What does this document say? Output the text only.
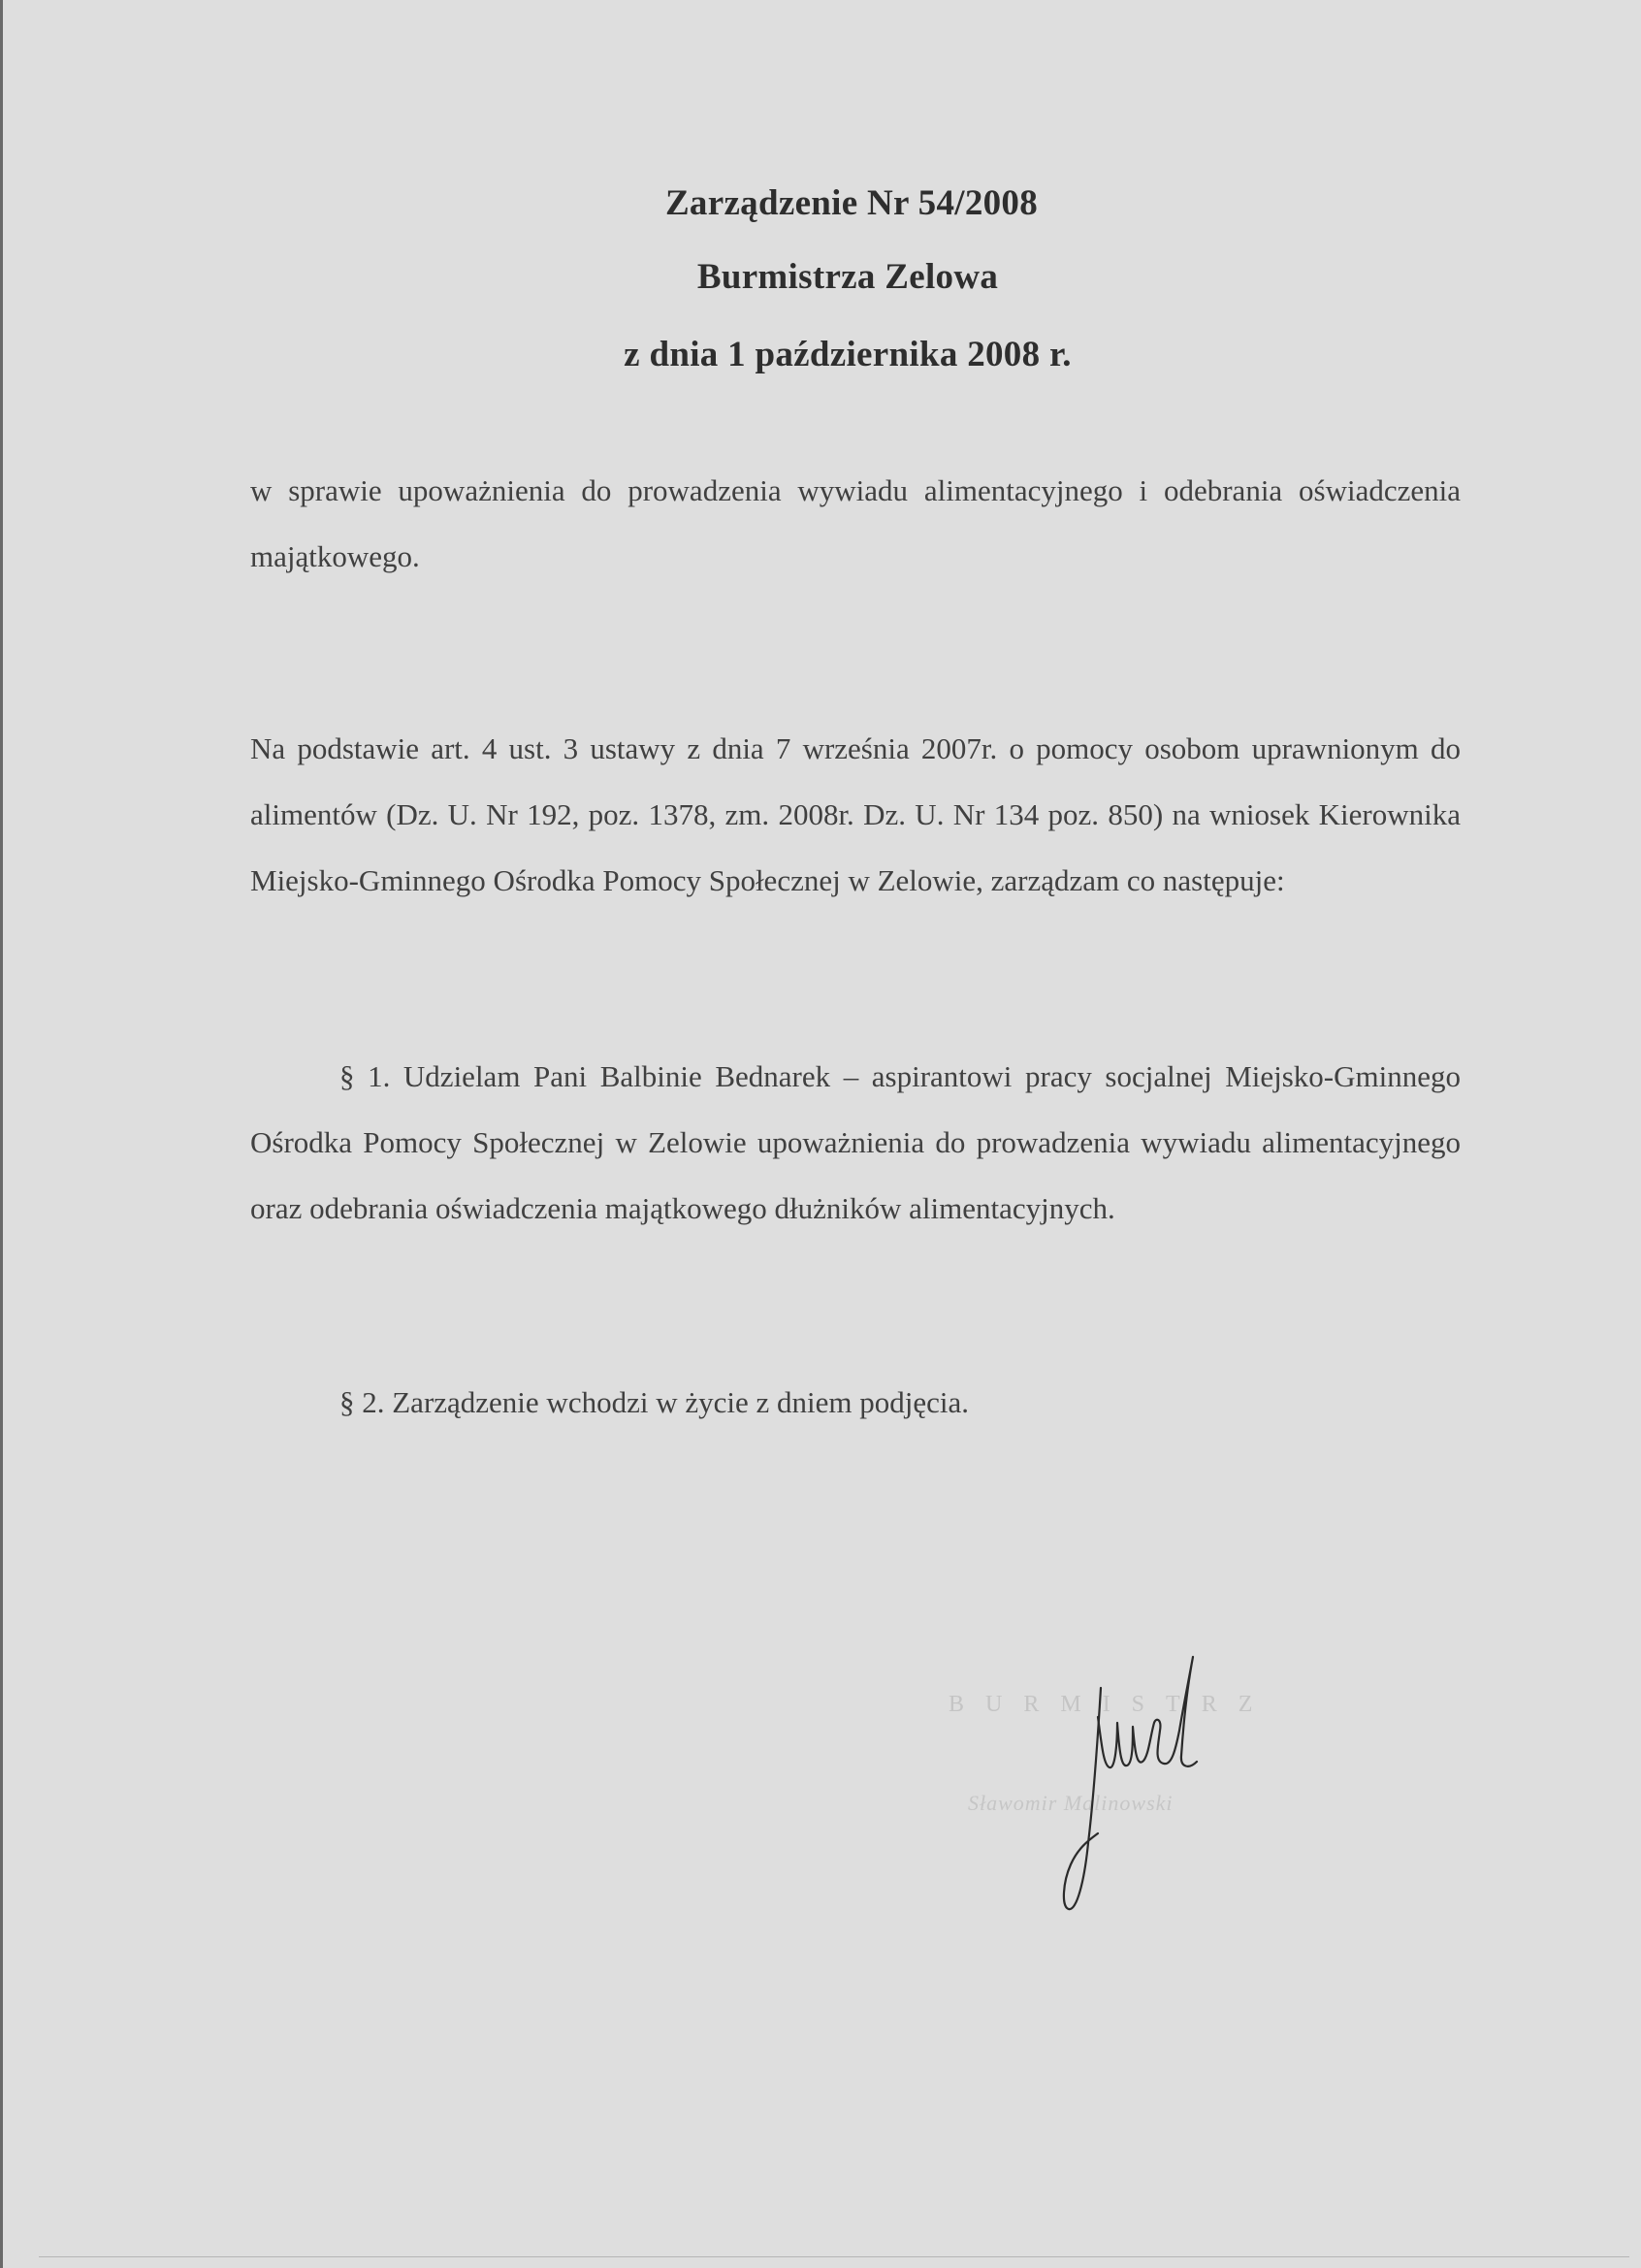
Zarządzenie Nr 54/2008
Burmistrza Zelowa
z dnia 1 października 2008 r.
w sprawie upoważnienia do prowadzenia wywiadu alimentacyjnego i odebrania oświadczenia majątkowego.
Na podstawie art. 4 ust. 3 ustawy z dnia 7 września 2007r. o pomocy osobom uprawnionym do alimentów (Dz. U. Nr 192, poz. 1378, zm. 2008r. Dz. U. Nr 134 poz. 850) na wniosek Kierownika Miejsko-Gminnego Ośrodka Pomocy Społecznej w Zelowie, zarządzam co następuje:
§ 1. Udzielam Pani Balbinie Bednarek – aspirantowi pracy socjalnej Miejsko-Gminnego Ośrodka Pomocy Społecznej w Zelowie upoważnienia do prowadzenia wywiadu alimentacyjnego oraz odebrania oświadczenia majątkowego dłużników alimentacyjnych.
§ 2. Zarządzenie wchodzi w życie z dniem podjęcia.
BURMISTRZ
Sławomir Malinowski
